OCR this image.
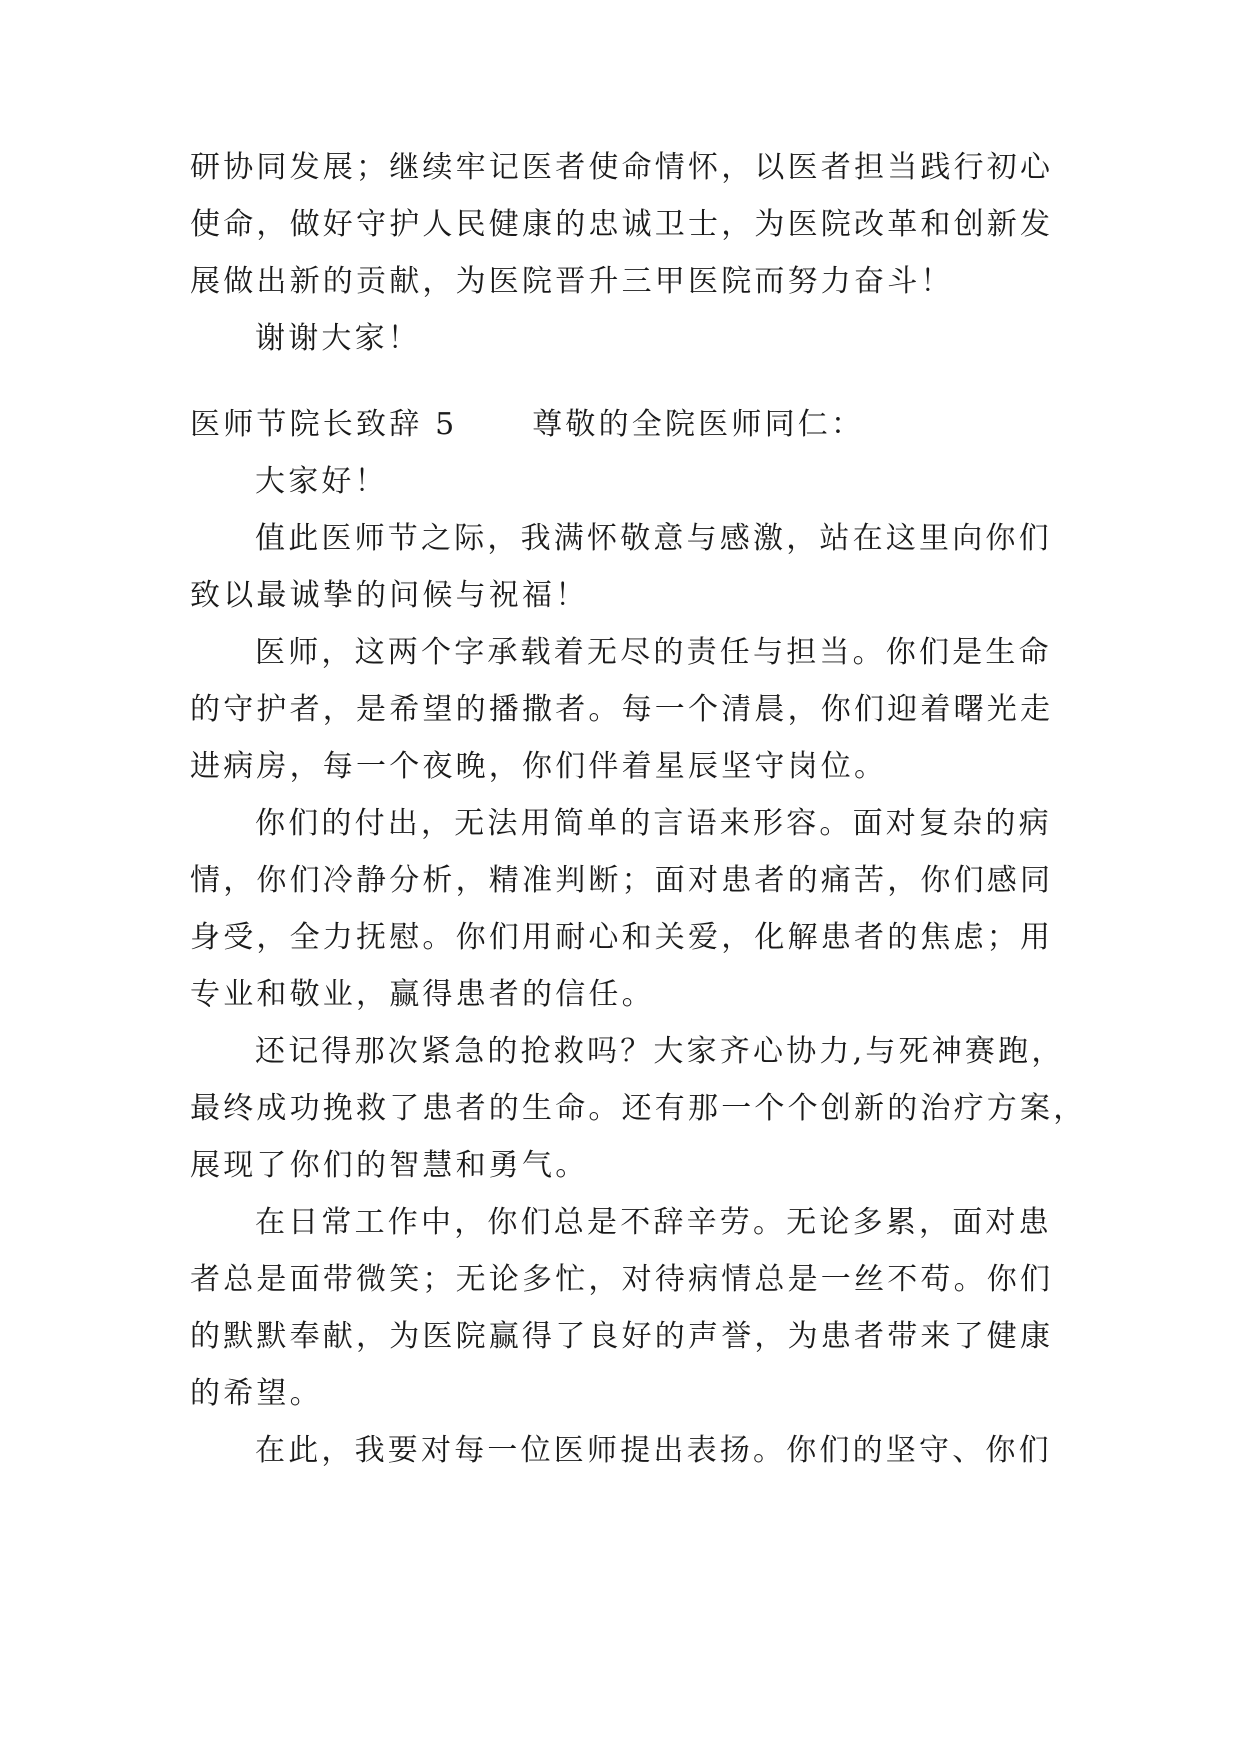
研协同发展；继续牢记医者使命情怀，以医者担当践行初心
使命，做好守护人民健康的忠诚卫士，为医院改革和创新发
展做出新的贡献，为医院晋升三甲医院而努力奋斗！
谢谢大家！
医师节院长致辞 5 尊敬的全院医师同仁：
大家好！
值此医师节之际，我满怀敬意与感激，站在这里向你们
致以最诚挚的问候与祝福！
医师，这两个字承载着无尽的责任与担当。你们是生命
的守护者，是希望的播撒者。每一个清晨，你们迎着曙光走
进病房，每一个夜晚，你们伴着星辰坚守岗位。
你们的付出，无法用简单的言语来形容。面对复杂的病
情，你们冷静分析，精准判断；面对患者的痛苦，你们感同
身受，全力抚慰。你们用耐心和关爱，化解患者的焦虑；用
专业和敬业，赢得患者的信任。
还记得那次紧急的抢救吗？大家齐心协力,与死神赛跑，
最终成功挽救了患者的生命。还有那一个个创新的治疗方案，
展现了你们的智慧和勇气。
在日常工作中，你们总是不辞辛劳。无论多累，面对患
者总是面带微笑；无论多忙，对待病情总是一丝不苟。你们
的默默奉献，为医院赢得了良好的声誉，为患者带来了健康
的希望。
在此，我要对每一位医师提出表扬。你们的坚守、你们
